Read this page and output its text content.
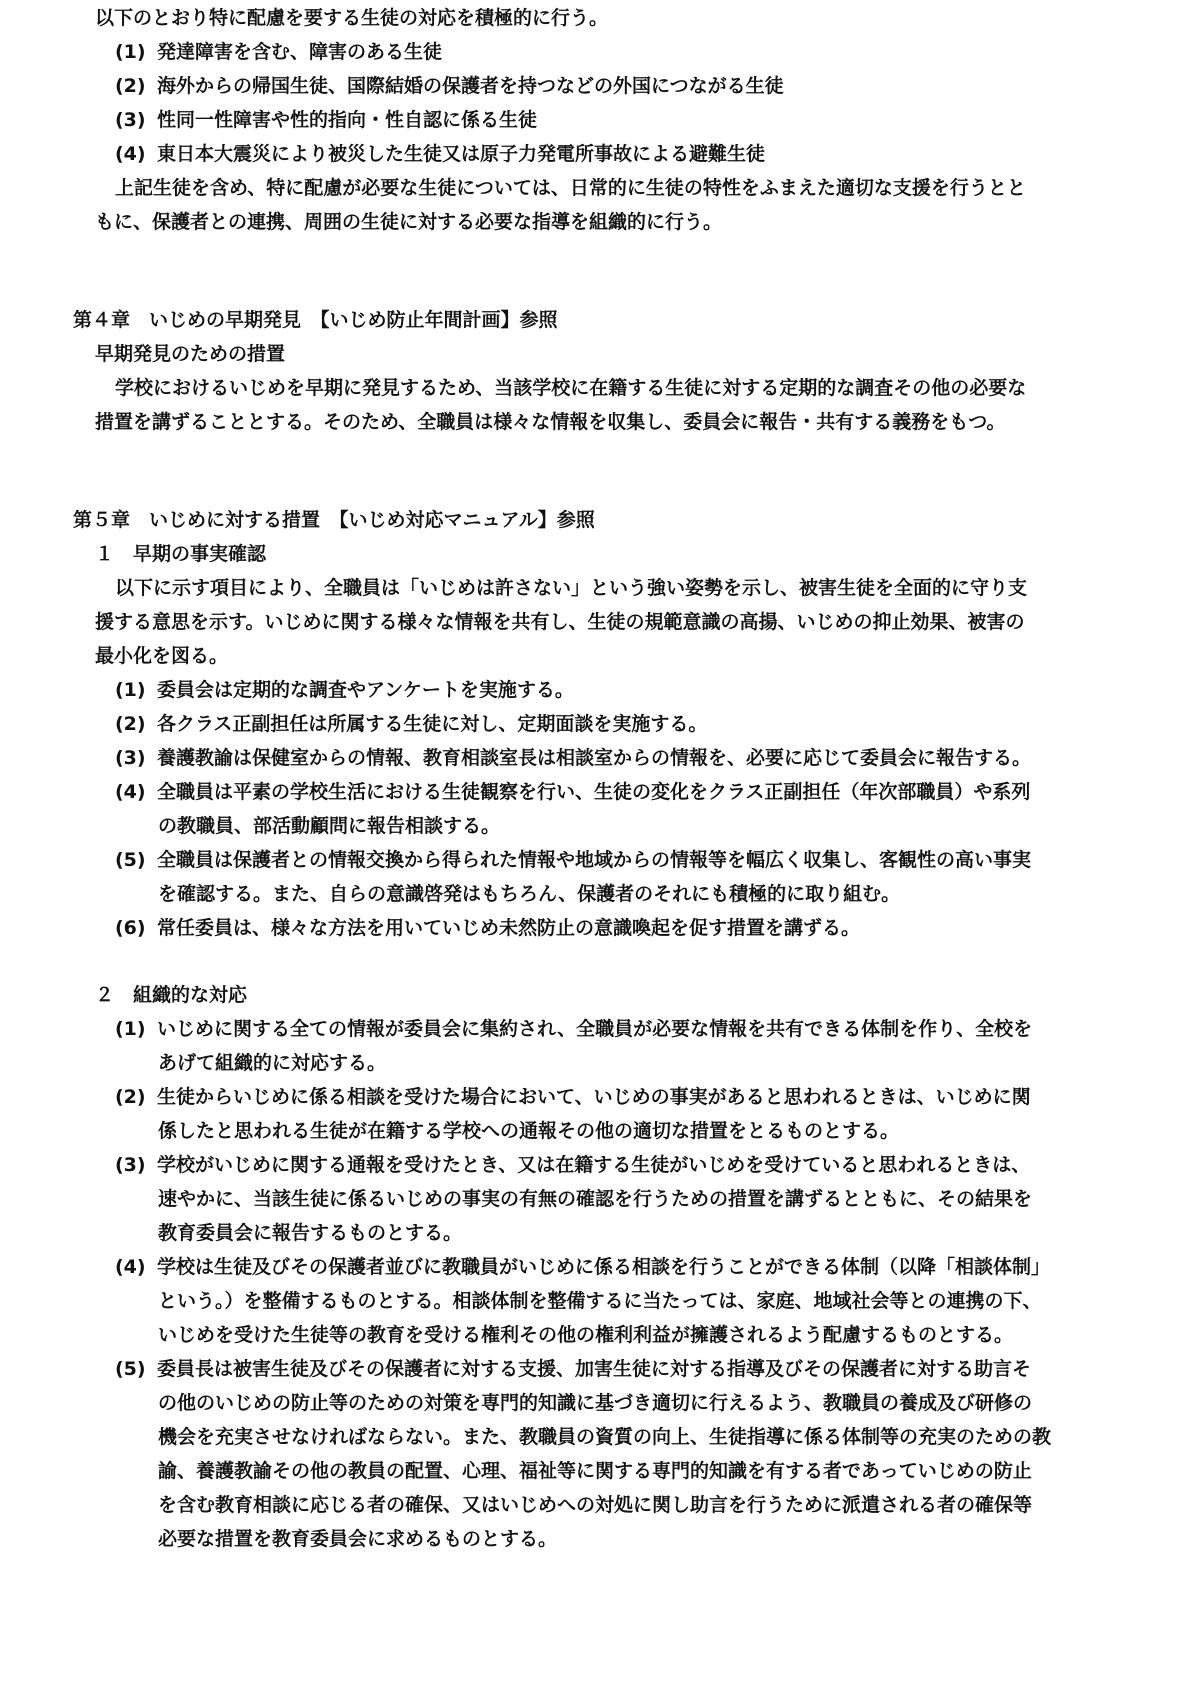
以下のとおり特に配慮を要する生徒の対応を積極的に行う。

(1) 発達障害を含む、障害のある生徒

(2) 海外からの帰国生徒、国際結婚の保護者を持つなどの外国につながる生徒

(3) 性同一性障害や性的指向・性自認に係る生徒

(4) 東日本大震災により被災した生徒又は原子力発電所事故による避難生徒

上記生徒を含め、特に配慮が必要な生徒については、日常的に生徒の特性をふまえた適切な支援を行うとと

もに、保護者との連携、周囲の生徒に対する必要な指導を組織的に行う。

第４章　いじめの早期発見　【いじめ防止年間計画】参照

早期発見のための措置

学校におけるいじめを早期に発見するため、当該学校に在籍する生徒に対する定期的な調査その他の必要な

措置を講ずることとする。そのため、全職員は様々な情報を収集し、委員会に報告・共有する義務をもつ。

第５章　いじめに対する措置　【いじめ対応マニュアル】参照

１　早期の事実確認

以下に示す項目により、全職員は「いじめは許さない」という強い姿勢を示し、被害生徒を全面的に守り支

援する意思を示す。いじめに関する様々な情報を共有し、生徒の規範意識の高揚、いじめの抑止効果、被害の

最小化を図る。

(1) 委員会は定期的な調査やアンケートを実施する。

(2) 各クラス正副担任は所属する生徒に対し、定期面談を実施する。

(3) 養護教諭は保健室からの情報、教育相談室長は相談室からの情報を、必要に応じて委員会に報告する。

(4) 全職員は平素の学校生活における生徒観察を行い、生徒の変化をクラス正副担任（年次部職員）や系列

の教職員、部活動顧問に報告相談する。

(5) 全職員は保護者との情報交換から得られた情報や地域からの情報等を幅広く収集し、客観性の高い事実

を確認する。また、自らの意識啓発はもちろん、保護者のそれにも積極的に取り組む。

(6) 常任委員は、様々な方法を用いていじめ未然防止の意識喚起を促す措置を講ずる。

２　組織的な対応

(1) いじめに関する全ての情報が委員会に集約され、全職員が必要な情報を共有できる体制を作り、全校を

あげて組織的に対応する。

(2) 生徒からいじめに係る相談を受けた場合において、いじめの事実があると思われるときは、いじめに関

係したと思われる生徒が在籍する学校への通報その他の適切な措置をとるものとする。

(3) 学校がいじめに関する通報を受けたとき、又は在籍する生徒がいじめを受けていると思われるときは、

速やかに、当該生徒に係るいじめの事実の有無の確認を行うための措置を講ずるとともに、その結果を

教育委員会に報告するものとする。

(4) 学校は生徒及びその保護者並びに教職員がいじめに係る相談を行うことができる体制（以降「相談体制」

という。）を整備するものとする。相談体制を整備するに当たっては、家庭、地域社会等との連携の下、

いじめを受けた生徒等の教育を受ける権利その他の権利利益が擁護されるよう配慮するものとする。

(5) 委員長は被害生徒及びその保護者に対する支援、加害生徒に対する指導及びその保護者に対する助言そ

の他のいじめの防止等のための対策を専門的知識に基づき適切に行えるよう、教職員の養成及び研修の

機会を充実させなければならない。また、教職員の資質の向上、生徒指導に係る体制等の充実のための教

諭、養護教諭その他の教員の配置、心理、福祉等に関する専門的知識を有する者であっていじめの防止

を含む教育相談に応じる者の確保、又はいじめへの対処に関し助言を行うために派遣される者の確保等

必要な措置を教育委員会に求めるものとする。
